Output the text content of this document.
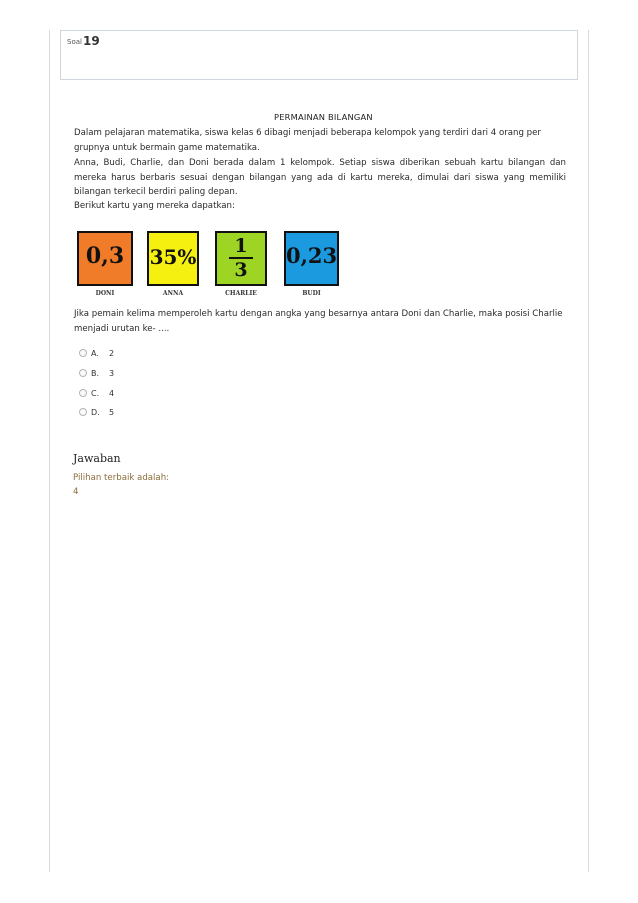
Soal 19
PERMAINAN BILANGAN
Dalam pelajaran matematika, siswa kelas 6 dibagi menjadi beberapa kelompok yang terdiri dari 4 orang per grupnya untuk bermain game matematika.
Anna, Budi, Charlie, dan Doni berada dalam 1 kelompok. Setiap siswa diberikan sebuah kartu bilangan dan mereka harus berbaris sesuai dengan bilangan yang ada di kartu mereka, dimulai dari siswa yang memiliki bilangan terkecil berdiri paling depan.
Berikut kartu yang mereka dapatkan:
0,3
DONI
35%
ANNA
1
3
CHARLIE
0,23
BUDI
Jika pemain kelima memperoleh kartu dengan angka yang besarnya antara Doni dan Charlie, maka posisi Charlie menjadi urutan ke- ....
A.	2
B.	3
C.	4
D.	5
Jawaban
Pilihan terbaik adalah:
4
